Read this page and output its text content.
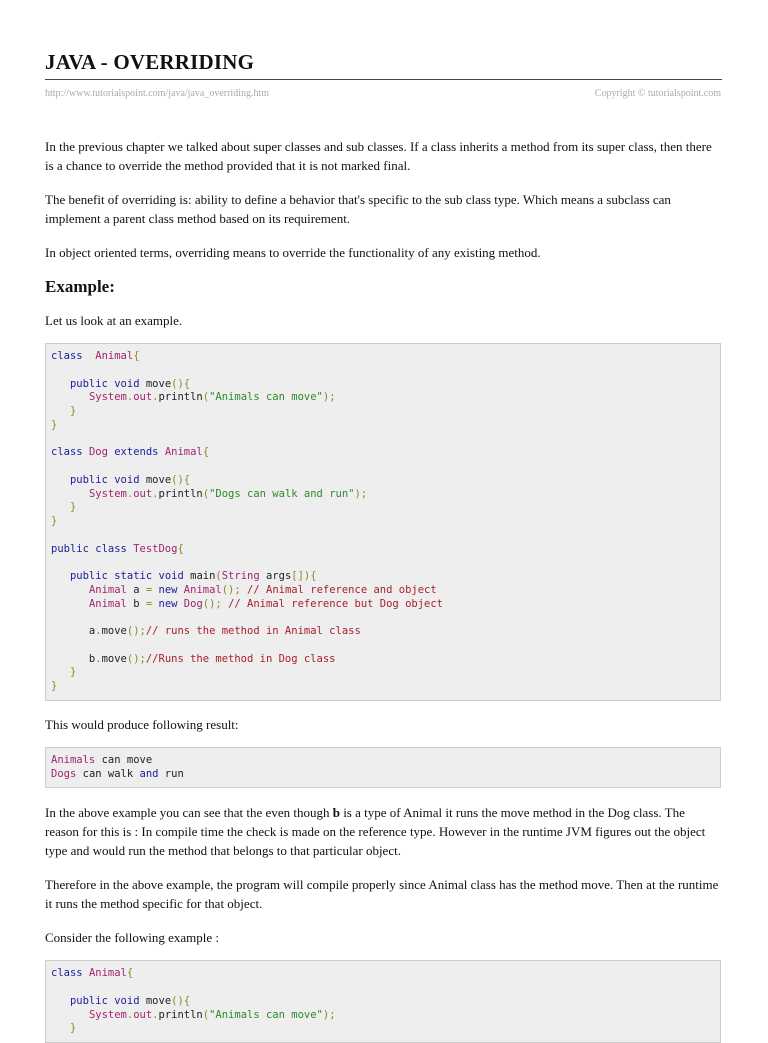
JAVA - OVERRIDING
http://www.tutorialspoint.com/java/java_overriding.htm	Copyright © tutorialspoint.com

In the previous chapter we talked about super classes and sub classes. If a class inherits a method from its super class, then there is a chance to override the method provided that it is not marked final.

The benefit of overriding is: ability to define a behavior that's specific to the sub class type. Which means a subclass can implement a parent class method based on its requirement.

In object oriented terms, overriding means to override the functionality of any existing method.

Example:

Let us look at an example.

class Animal{
public void move(){
System.out.println("Animals can move");
}
}
class Dog extends Animal{
public void move(){
System.out.println("Dogs can walk and run");
}
}
public class TestDog{
public static void main(String args[]){
Animal a = new Animal(); // Animal reference and object
Animal b = new Dog(); // Animal reference but Dog object
a.move();// runs the method in Animal class
b.move();//Runs the method in Dog class
}
}

This would produce following result:

Animals can move
Dogs can walk and run

In the above example you can see that the even though b is a type of Animal it runs the move method in the Dog class. The reason for this is : In compile time the check is made on the reference type. However in the runtime JVM figures out the object type and would run the method that belongs to that particular object.

Therefore in the above example, the program will compile properly since Animal class has the method move. Then at the runtime it runs the method specific for that object.

Consider the following example :

class Animal{
public void move(){
System.out.println("Animals can move");
}
